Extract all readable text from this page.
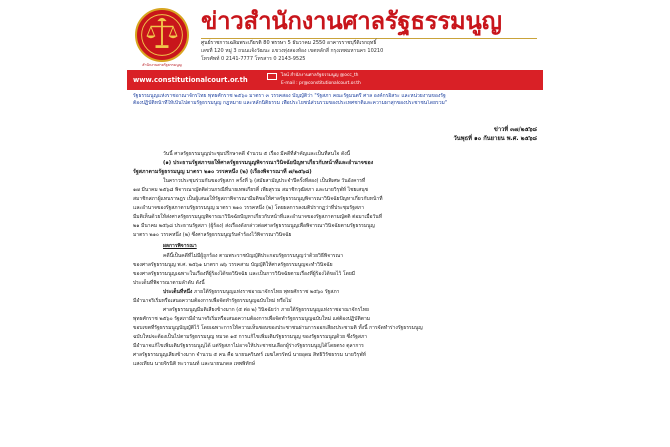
สำนักงานศาลรัฐธรรมนูญ
ข่าวสำนักงานศาลรัฐธรรมนูญ
ศูนย์ราชการเฉลิมพระเกียรติ 80 พรรษา 5 ธันวาคม 2550 อาคารราชบุรีดิเรกฤทธิ์
เลขที่ 120 หมู่ 3 ถนนแจ้งวัฒนะ แขวงทุ่งสองห้อง เขตหลักสี่ กรุงเทพมหานคร 10210
โทรศัพท์ 0 2141-7777 โทรสาร 0 2143-9525
www.constitutionalcourt.or.th
ไลน์ สำนักงานศาลรัฐธรรมนูญ @occ_th
E-mail : pr@constitutionalcourt.or.th
รัฐธรรมนูญแห่งราชอาณาจักรไทย พุทธศักราช ๒๕๖๐ มาตรา ๓ วรรคสอง บัญญัติว่า "รัฐสภา คณะรัฐมนตรี ศาล องค์กรอิสระ และหน่วยงานของรัฐ
ต้องปฏิบัติหน้าที่ให้เป็นไปตามรัฐธรรมนูญ กฎหมาย และหลักนิติธรรม เพื่อประโยชน์ส่วนรวมของประเทศชาติและความผาสุกของประชาชนโดยรวม"
ข่าวที่ ๓๗/๒๕๖๘
วันพุธที่ ๑๐ กันยายน พ.ศ. ๒๕๖๘
วันนี้ ศาลรัฐธรรมนูญประชุมปรึกษาคดี จำนวน ๕ เรื่อง มีคดีที่สำคัญและเป็นที่สนใจ ดังนี้
(๑) ประธานรัฐสภาขอให้ศาลรัฐธรรมนูญพิจารณาวินิจฉัยปัญหาเกี่ยวกับหน้าที่และอำนาจของ
รัฐสภาตามรัฐธรรมนูญ มาตรา ๒๑๐ วรรคหนึ่ง (๒) (เรื่องพิจารณาที่ ๗/๒๕๖๘)
ในคราวประชุมร่วมกันของรัฐสภา ครั้งที่ ๖ (สมัยสามัญประจำปีครั้งที่สอง) เป็นพิเศษ วันอังคารที่
๑๗ มีนาคม ๒๕๖๘ พิจารณาญัตติด่วนกรณีที่นายเทพเกียรติ์ เพียสุรวม สมาชิกวุฒิสภา และนายวิรุฬห์ ไชยเสนุช
สมาชิกสภาผู้แทนราษฎร เป็นผู้เสนอให้รัฐสภาพิจารณามีมติขอให้ศาลรัฐธรรมนูญพิจารณาวินิจฉัยปัญหาเกี่ยวกับหน้าที่
และอำนาจของรัฐสภาตามรัฐธรรมนูญ มาตรา ๒๑๐ วรรคหนึ่ง (๒) โดยผลการลงมติปรากฏว่าที่ประชุมรัฐสภา
มีมติเห็นด้วยให้ส่งศาลรัฐธรรมนูญพิจารณาวินิจฉัยปัญหาเกี่ยวกับหน้าที่และอำนาจของรัฐสภาตามญัตติ ต่อมาเมื่อวันที่
๒๑ มีนาคม ๒๕๖๘ ประธานรัฐสภา (ผู้ร้อง) ส่งเรื่องดังกล่าวต่อศาลรัฐธรรมนูญเพื่อพิจารณาวินิจฉัยตามรัฐธรรมนูญ
มาตรา ๒๑๐ วรรคหนึ่ง (๒) ซึ่งศาลรัฐธรรมนูญรับคำร้องไว้พิจารณาวินิจฉัย
ผลการพิจารณา
คดีนี้เป็นคดีที่ไม่มีผู้ถูกร้อง ตามพระราชบัญญัติประกอบรัฐธรรมนูญว่าด้วยวิธีพิจารณา
ของศาลรัฐธรรมนูญ พ.ศ. ๒๕๖๑ มาตรา ๗๖ วรรคสาม บัญญัติให้ศาลรัฐธรรมนูญจะทำวินิจฉัย
ของศาลรัฐธรรมนูญเฉพาะในเรื่องที่ผู้ร้องได้ขอวินิจฉัย และเป็นการวินิจฉัยตามเรื่องที่ผู้ร้องได้ขอไว้ โดยมี
ประเด็นที่พิจารณาตามลำดับ ดังนี้
ประเด็นที่หนึ่ง ภายใต้รัฐธรรมนูญแห่งราชอาณาจักรไทย พุทธศักราช ๒๕๖๐ รัฐสภา
มีอำนาจริเริ่มหรือเสนอความต้องการเพื่อจัดทำรัฐธรรมนูญฉบับใหม่ หรือไม่
ศาลรัฐธรรมนูญมีมติเสียงข้างมาก (๕ ต่อ ๒) วินิจฉัยว่า ภายใต้รัฐธรรมนูญแห่งราชอาณาจักรไทย
พุทธศักราช ๒๕๖๐ รัฐสภามีอำนาจริเริ่มหรือเสนอความต้องการเพื่อจัดทำรัฐธรรมนูญฉบับใหม่ แต่ต้องปฏิบัติตาม
ขอบเขตที่รัฐธรรมนูญบัญญัติไว้ โดยเฉพาะการให้ความเห็นชอบของประชาชนผ่านการออกเสียงประชามติ ทั้งนี้ การจัดทำร่างรัฐธรรมนูญ
ฉบับใหม่จะต้องเป็นไปตามรัฐธรรมนูญ หมวด ๑๕ การแก้ไขเพิ่มเติมรัฐธรรมนูญ ของรัฐธรรมนูญด้วย ซึ่งรัฐสภา
มีอำนาจแก้ไขเพิ่มเติมรัฐธรรมนูญได้ แต่รัฐสภาไม่อาจให้ประชาชนเลือกผู้ร่างรัฐธรรมนูญได้โดยตรง ตุลาการ
ศาลรัฐธรรมนูญเสียงข้างมาก จำนวน ๕ คน คือ นายนครินทร์ เมฆไตรรัตน์ นายอุดม สิทธิวิรัชธรรม นายวิรุฬห์
แสงเทียน นายจิรนิติ หะวานนท์ และนายนภดล เทพพิทักษ์
